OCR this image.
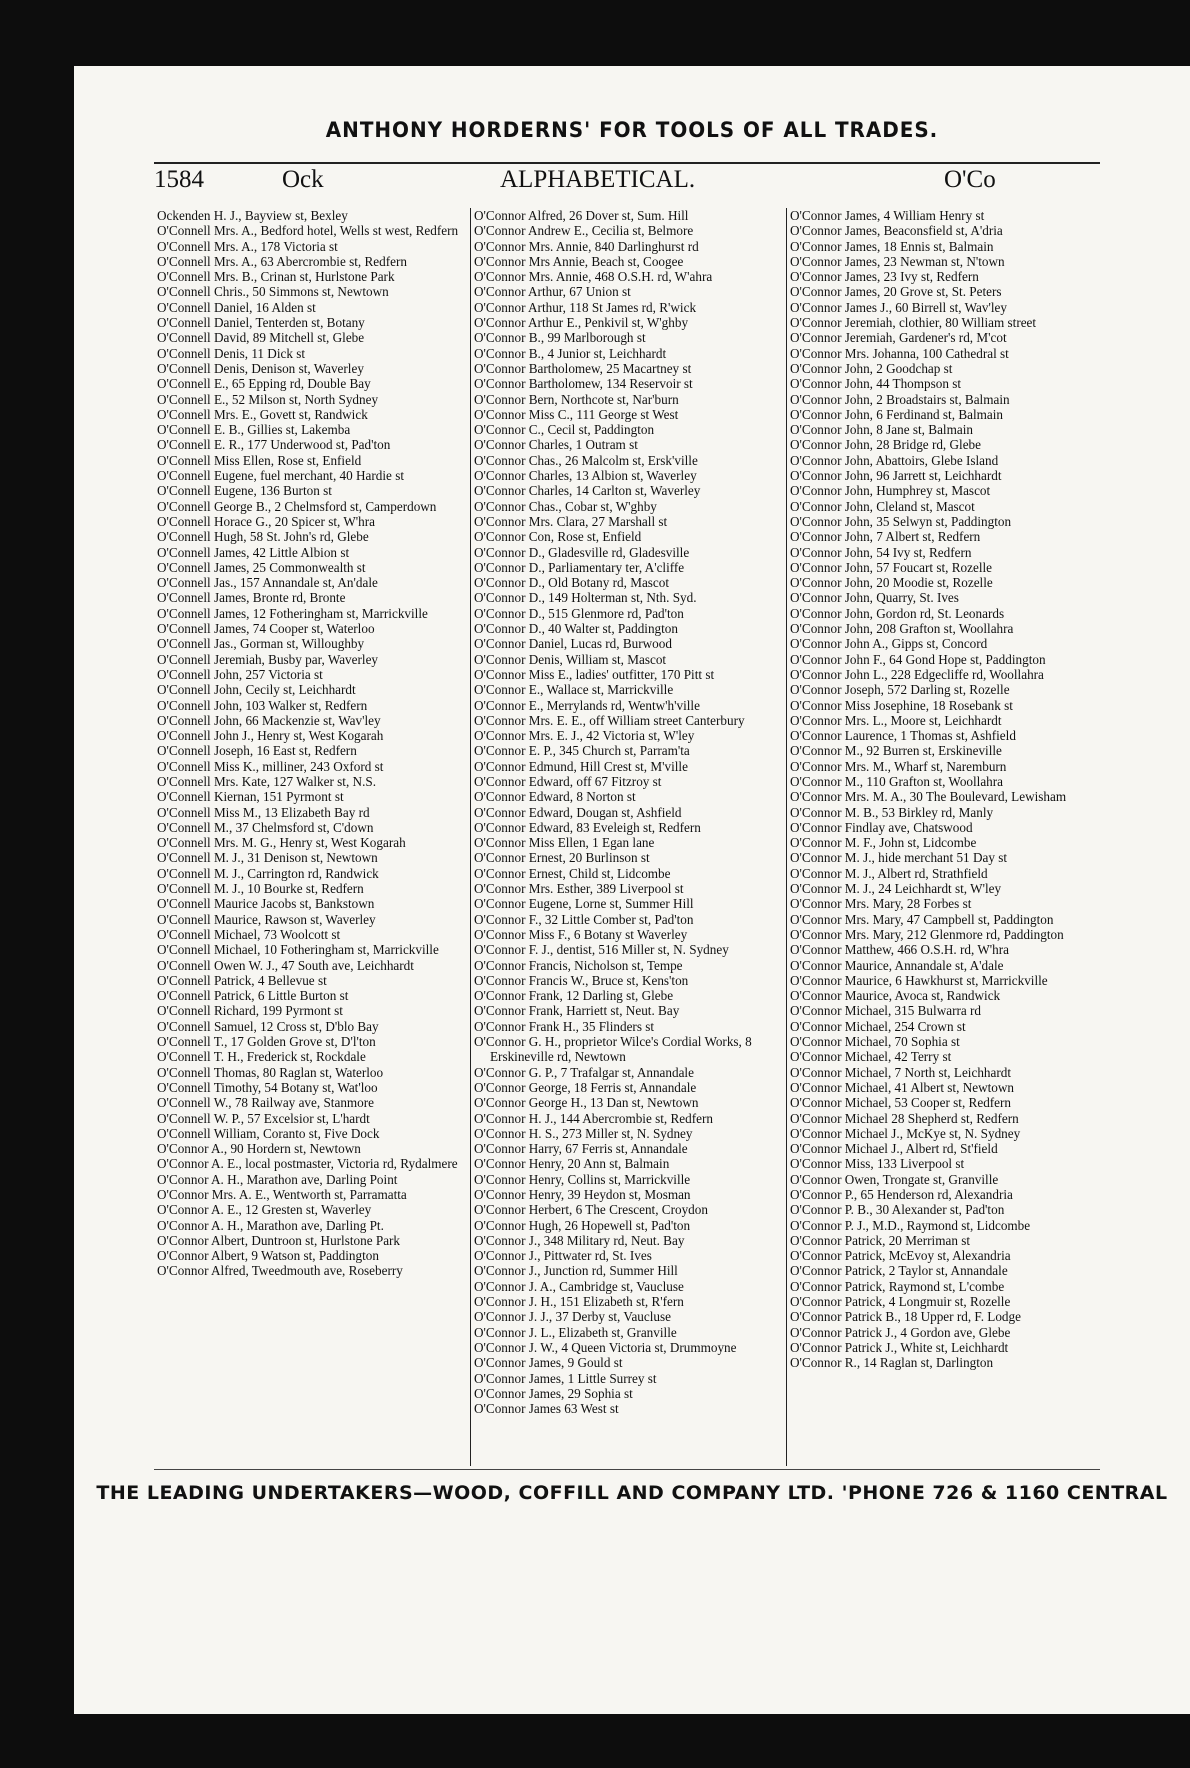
ANTHONY HORDERNS' FOR TOOLS OF ALL TRADES.
1584	Ock	ALPHABETICAL.	O'Co
Ockenden H. J., Bayview st, Bexley
O'Connell Mrs. A., Bedford hotel, Wells st west, Redfern
O'Connell Mrs. A., 178 Victoria st
O'Connell Mrs. A., 63 Abercrombie st, Redfern
O'Connell Mrs. B., Crinan st, Hurlstone Park
O'Connell Chris., 50 Simmons st, Newtown
O'Connell Daniel, 16 Alden st
O'Connell Daniel, Tenterden st, Botany
O'Connell David, 89 Mitchell st, Glebe
O'Connell Denis, 11 Dick st
O'Connell Denis, Denison st, Waverley
O'Connell E., 65 Epping rd, Double Bay
O'Connell E., 52 Milson st, North Sydney
O'Connell Mrs. E., Govett st, Randwick
O'Connell E. B., Gillies st, Lakemba
O'Connell E. R., 177 Underwood st, Pad'ton
O'Connell Miss Ellen, Rose st, Enfield
O'Connell Eugene, fuel merchant, 40 Hardie st
O'Connell Eugene, 136 Burton st
O'Connell George B., 2 Chelmsford st, Camperdown
O'Connell Horace G., 20 Spicer st, W'hra
O'Connell Hugh, 58 St. John's rd, Glebe
O'Connell James, 42 Little Albion st
O'Connell James, 25 Commonwealth st
O'Connell Jas., 157 Annandale st, An'dale
O'Connell James, Bronte rd, Bronte
O'Connell James, 12 Fotheringham st, Marrickville
O'Connell James, 74 Cooper st, Waterloo
O'Connell Jas., Gorman st, Willoughby
O'Connell Jeremiah, Busby par, Waverley
O'Connell John, 257 Victoria st
O'Connell John, Cecily st, Leichhardt
O'Connell John, 103 Walker st, Redfern
O'Connell John, 66 Mackenzie st, Wav'ley
O'Connell John J., Henry st, West Kogarah
O'Connell Joseph, 16 East st, Redfern
O'Connell Miss K., milliner, 243 Oxford st
O'Connell Mrs. Kate, 127 Walker st, N.S.
O'Connell Kiernan, 151 Pyrmont st
O'Connell Miss M., 13 Elizabeth Bay rd
O'Connell M., 37 Chelmsford st, C'down
O'Connell Mrs. M. G., Henry st, West Kogarah
O'Connell M. J., 31 Denison st, Newtown
O'Connell M. J., Carrington rd, Randwick
O'Connell M. J., 10 Bourke st, Redfern
O'Connell Maurice Jacobs st, Bankstown
O'Connell Maurice, Rawson st, Waverley
O'Connell Michael, 73 Woolcott st
O'Connell Michael, 10 Fotheringham st, Marrickville
O'Connell Owen W. J., 47 South ave, Leichhardt
O'Connell Patrick, 4 Bellevue st
O'Connell Patrick, 6 Little Burton st
O'Connell Richard, 199 Pyrmont st
O'Connell Samuel, 12 Cross st, D'blo Bay
O'Connell T., 17 Golden Grove st, D'l'ton
O'Connell T. H., Frederick st, Rockdale
O'Connell Thomas, 80 Raglan st, Waterloo
O'Connell Timothy, 54 Botany st, Wat'loo
O'Connell W., 78 Railway ave, Stanmore
O'Connell W. P., 57 Excelsior st, L'hardt
O'Connell William, Coranto st, Five Dock
O'Connor A., 90 Hordern st, Newtown
O'Connor A. E., local postmaster, Victoria rd, Rydalmere
O'Connor A. H., Marathon ave, Darling Point
O'Connor Mrs. A. E., Wentworth st, Parramatta
O'Connor A. E., 12 Gresten st, Waverley
O'Connor A. H., Marathon ave, Darling Pt.
O'Connor Albert, Duntroon st, Hurlstone Park
O'Connor Albert, 9 Watson st, Paddington
O'Connor Alfred, Tweedmouth ave, Roseberry
O'Connor Alfred, 26 Dover st, Sum. Hill
O'Connor Andrew E., Cecilia st, Belmore
O'Connor Mrs. Annie, 840 Darlinghurst rd
O'Connor Mrs Annie, Beach st, Coogee
O'Connor Mrs. Annie, 468 O.S.H. rd, W'ahra
O'Connor Arthur, 67 Union st
O'Connor Arthur, 118 St James rd, R'wick
O'Connor Arthur E., Penkivil st, W'ghby
O'Connor B., 99 Marlborough st
O'Connor B., 4 Junior st, Leichhardt
O'Connor Bartholomew, 25 Macartney st
O'Connor Bartholomew, 134 Reservoir st
O'Connor Bern, Northcote st, Nar'burn
O'Connor Miss C., 111 George st West
O'Connor C., Cecil st, Paddington
O'Connor Charles, 1 Outram st
O'Connor Chas., 26 Malcolm st, Ersk'ville
O'Connor Charles, 13 Albion st, Waverley
O'Connor Charles, 14 Carlton st, Waverley
O'Connor Chas., Cobar st, W'ghby
O'Connor Mrs. Clara, 27 Marshall st
O'Connor Con, Rose st, Enfield
O'Connor D., Gladesville rd, Gladesville
O'Connor D., Parliamentary ter, A'cliffe
O'Connor D., Old Botany rd, Mascot
O'Connor D., 149 Holterman st, Nth. Syd.
O'Connor D., 515 Glenmore rd, Pad'ton
O'Connor D., 40 Walter st, Paddington
O'Connor Daniel, Lucas rd, Burwood
O'Connor Denis, William st, Mascot
O'Connor Miss E., ladies' outfitter, 170 Pitt st
O'Connor E., Wallace st, Marrickville
O'Connor E., Merrylands rd, Wentw'h'ville
O'Connor Mrs. E. E., off William street Canterbury
O'Connor Mrs. E. J., 42 Victoria st, W'ley
O'Connor E. P., 345 Church st, Parram'ta
O'Connor Edmund, Hill Crest st, M'ville
O'Connor Edward, off 67 Fitzroy st
O'Connor Edward, 8 Norton st
O'Connor Edward, Dougan st, Ashfield
O'Connor Edward, 83 Eveleigh st, Redfern
O'Connor Miss Ellen, 1 Egan lane
O'Connor Ernest, 20 Burlinson st
O'Connor Ernest, Child st, Lidcombe
O'Connor Mrs. Esther, 389 Liverpool st
O'Connor Eugene, Lorne st, Summer Hill
O'Connor F., 32 Little Comber st, Pad'ton
O'Connor Miss F., 6 Botany st Waverley
O'Connor F. J., dentist, 516 Miller st, N. Sydney
O'Connor Francis, Nicholson st, Tempe
O'Connor Francis W., Bruce st, Kens'ton
O'Connor Frank, 12 Darling st, Glebe
O'Connor Frank, Harriett st, Neut. Bay
O'Connor Frank H., 35 Flinders st
O'Connor G. H., proprietor Wilce's Cordial Works, 8 Erskineville rd, Newtown
O'Connor G. P., 7 Trafalgar st, Annandale
O'Connor George, 18 Ferris st, Annandale
O'Connor George H., 13 Dan st, Newtown
O'Connor H. J., 144 Abercrombie st, Redfern
O'Connor H. S., 273 Miller st, N. Sydney
O'Connor Harry, 67 Ferris st, Annandale
O'Connor Henry, 20 Ann st, Balmain
O'Connor Henry, Collins st, Marrickville
O'Connor Henry, 39 Heydon st, Mosman
O'Connor Herbert, 6 The Crescent, Croydon
O'Connor Hugh, 26 Hopewell st, Pad'ton
O'Connor J., 348 Military rd, Neut. Bay
O'Connor J., Pittwater rd, St. Ives
O'Connor J., Junction rd, Summer Hill
O'Connor J. A., Cambridge st, Vaucluse
O'Connor J. H., 151 Elizabeth st, R'fern
O'Connor J. J., 37 Derby st, Vaucluse
O'Connor J. L., Elizabeth st, Granville
O'Connor J. W., 4 Queen Victoria st, Drummoyne
O'Connor James, 9 Gould st
O'Connor James, 1 Little Surrey st
O'Connor James, 29 Sophia st
O'Connor James 63 West st
O'Connor James, 4 William Henry st
O'Connor James, Beaconsfield st, A'dria
O'Connor James, 18 Ennis st, Balmain
O'Connor James, 23 Newman st, N'town
O'Connor James, 23 Ivy st, Redfern
O'Connor James, 20 Grove st, St. Peters
O'Connor James J., 60 Birrell st, Wav'ley
O'Connor Jeremiah, clothier, 80 William street
O'Connor Jeremiah, Gardener's rd, M'cot
O'Connor Mrs. Johanna, 100 Cathedral st
O'Connor John, 2 Goodchap st
O'Connor John, 44 Thompson st
O'Connor John, 2 Broadstairs st, Balmain
O'Connor John, 6 Ferdinand st, Balmain
O'Connor John, 8 Jane st, Balmain
O'Connor John, 28 Bridge rd, Glebe
O'Connor John, Abattoirs, Glebe Island
O'Connor John, 96 Jarrett st, Leichhardt
O'Connor John, Humphrey st, Mascot
O'Connor John, Cleland st, Mascot
O'Connor John, 35 Selwyn st, Paddington
O'Connor John, 7 Albert st, Redfern
O'Connor John, 54 Ivy st, Redfern
O'Connor John, 57 Foucart st, Rozelle
O'Connor John, 20 Moodie st, Rozelle
O'Connor John, Quarry, St. Ives
O'Connor John, Gordon rd, St. Leonards
O'Connor John, 208 Grafton st, Woollahra
O'Connor John A., Gipps st, Concord
O'Connor John F., 64 Gond Hope st, Paddington
O'Connor John L., 228 Edgecliffe rd, Woollahra
O'Connor Joseph, 572 Darling st, Rozelle
O'Connor Miss Josephine, 18 Rosebank st
O'Connor Mrs. L., Moore st, Leichhardt
O'Connor Laurence, 1 Thomas st, Ashfield
O'Connor M., 92 Burren st, Erskineville
O'Connor Mrs. M., Wharf st, Naremburn
O'Connor M., 110 Grafton st, Woollahra
O'Connor Mrs. M. A., 30 The Boulevard, Lewisham
O'Connor M. B., 53 Birkley rd, Manly
O'Connor Findlay ave, Chatswood
O'Connor M. F., John st, Lidcombe
O'Connor M. J., hide merchant 51 Day st
O'Connor M. J., Albert rd, Strathfield
O'Connor M. J., 24 Leichhardt st, W'ley
O'Connor Mrs. Mary, 28 Forbes st
O'Connor Mrs. Mary, 47 Campbell st, Paddington
O'Connor Mrs. Mary, 212 Glenmore rd, Paddington
O'Connor Matthew, 466 O.S.H. rd, W'hra
O'Connor Maurice, Annandale st, A'dale
O'Connor Maurice, 6 Hawkhurst st, Marrickville
O'Connor Maurice, Avoca st, Randwick
O'Connor Michael, 315 Bulwarra rd
O'Connor Michael, 254 Crown st
O'Connor Michael, 70 Sophia st
O'Connor Michael, 42 Terry st
O'Connor Michael, 7 North st, Leichhardt
O'Connor Michael, 41 Albert st, Newtown
O'Connor Michael, 53 Cooper st, Redfern
O'Connor Michael 28 Shepherd st, Redfern
O'Connor Michael J., McKye st, N. Sydney
O'Connor Michael J., Albert rd, St'field
O'Connor Miss, 133 Liverpool st
O'Connor Owen, Trongate st, Granville
O'Connor P., 65 Henderson rd, Alexandria
O'Connor P. B., 30 Alexander st, Pad'ton
O'Connor P. J., M.D., Raymond st, Lidcombe
O'Connor Patrick, 20 Merriman st
O'Connor Patrick, McEvoy st, Alexandria
O'Connor Patrick, 2 Taylor st, Annandale
O'Connor Patrick, Raymond st, L'combe
O'Connor Patrick, 4 Longmuir st, Rozelle
O'Connor Patrick B., 18 Upper rd, F. Lodge
O'Connor Patrick J., 4 Gordon ave, Glebe
O'Connor Patrick J., White st, Leichhardt
O'Connor R., 14 Raglan st, Darlington
THE LEADING UNDERTAKERS—WOOD, COFFILL AND COMPANY LTD. 'PHONE 726 & 1160 CENTRAL
